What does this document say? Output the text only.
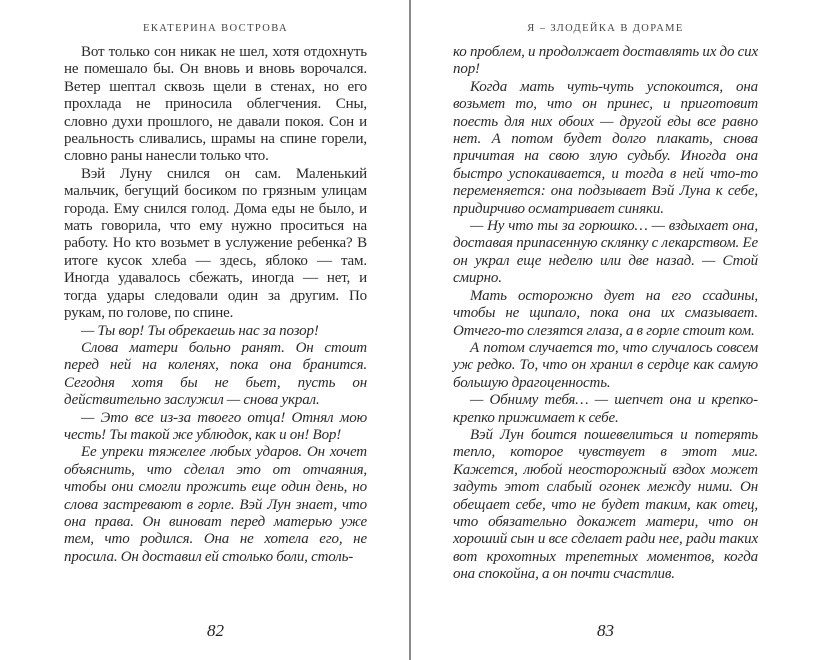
ЕКАТЕРИНА ВОСТРОВА

Вот только сон никак не шел, хотя отдохнуть не помешало бы. Он вновь и вновь ворочался. Ветер шептал сквозь щели в стенах, но его прохлада не приносила облегчения. Сны, словно духи прошлого, не давали покоя. Сон и реальность сливались, шрамы на спине горели, словно раны нанесли только что.

Вэй Луну снился он сам. Маленький мальчик, бегущий босиком по грязным улицам города. Ему снился голод. Дома еды не было, и мать говорила, что ему нужно проситься на работу. Но кто возьмет в услужение ребенка? В итоге кусок хлеба — здесь, яблоко — там. Иногда удавалось сбежать, иногда — нет, и тогда удары следовали один за другим. По рукам, по голове, по спине.

— Ты вор! Ты обрекаешь нас за позор!

Слова матери больно ранят. Он стоит перед ней на коленях, пока она бранится. Сегодня хотя бы не бьет, пусть он действительно заслужил — снова украл.

— Это все из-за твоего отца! Отнял мою честь! Ты такой же ублюдок, как и он! Вор!

Ее упреки тяжелее любых ударов. Он хочет объяснить, что сделал это от отчаяния, чтобы они смогли прожить еще один день, но слова застревают в горле. Вэй Лун знает, что она права. Он виноват перед матерью уже тем, что родился. Она не хотела его, не просила. Он доставил ей столько боли, столь-

82
Я – ЗЛОДЕЙКА В ДОРАМЕ

ко проблем, и продолжает доставлять их до сих пор!

Когда мать чуть-чуть успокоится, она возьмет то, что он принес, и приготовит поесть для них обоих — другой еды все равно нет. А потом будет долго плакать, снова причитая на свою злую судьбу. Иногда она быстро успокаивается, и тогда в ней что-то переменяется: она подзывает Вэй Луна к себе, придирчиво осматривает синяки.

— Ну что ты за горюшко… — вздыхает она, доставая припасенную склянку с лекарством. Ее он украл еще неделю или две назад. — Стой смирно.

Мать осторожно дует на его ссадины, чтобы не щипало, пока она их смазывает. Отчего-то слезятся глаза, а в горле стоит ком.

А потом случается то, что случалось совсем уж редко. То, что он хранил в сердце как самую большую драгоценность.

— Обниму тебя… — шепчет она и крепко-крепко прижимает к себе.

Вэй Лун боится пошевелиться и потерять тепло, которое чувствует в этот миг. Кажется, любой неосторожный вздох может задуть этот слабый огонек между ними. Он обещает себе, что не будет таким, как отец, что обязательно докажет матери, что он хороший сын и все сделает ради нее, ради таких вот крохотных трепетных моментов, когда она спокойна, а он почти счастлив.

83
